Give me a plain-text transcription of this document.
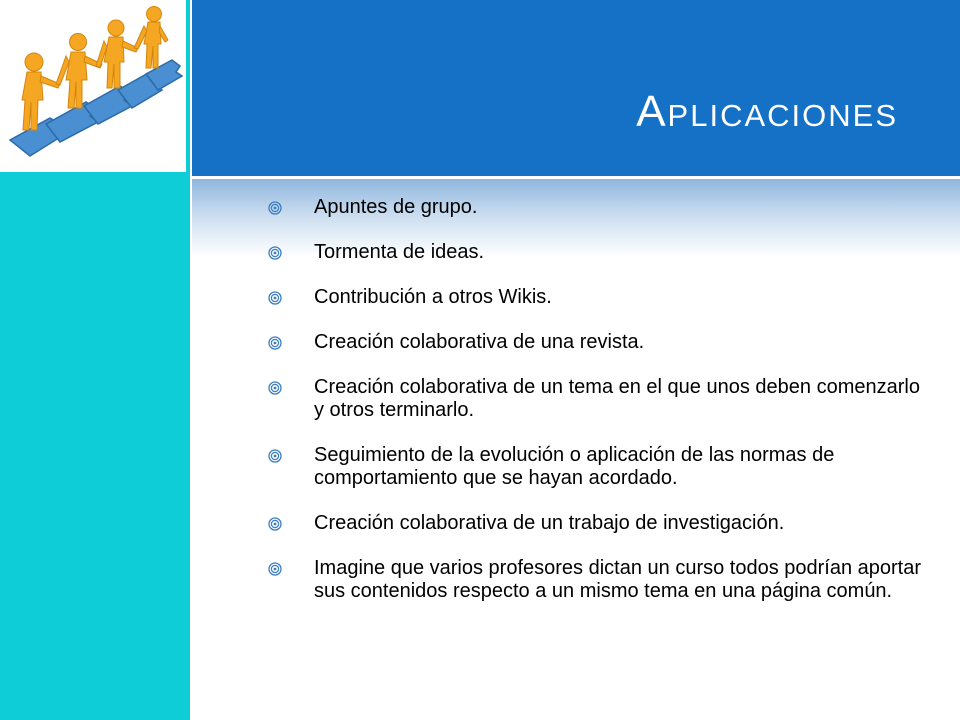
Aplicaciones
Apuntes de grupo.
Tormenta de ideas.
Contribución a otros Wikis.
Creación colaborativa de una revista.
Creación colaborativa de un tema en el que unos deben comenzarlo y otros terminarlo.
Seguimiento de la evolución o aplicación de las normas de comportamiento que se hayan acordado.
Creación colaborativa de un trabajo de investigación.
Imagine que varios profesores dictan un curso todos podrían aportar sus contenidos respecto a un mismo tema en una página común.
